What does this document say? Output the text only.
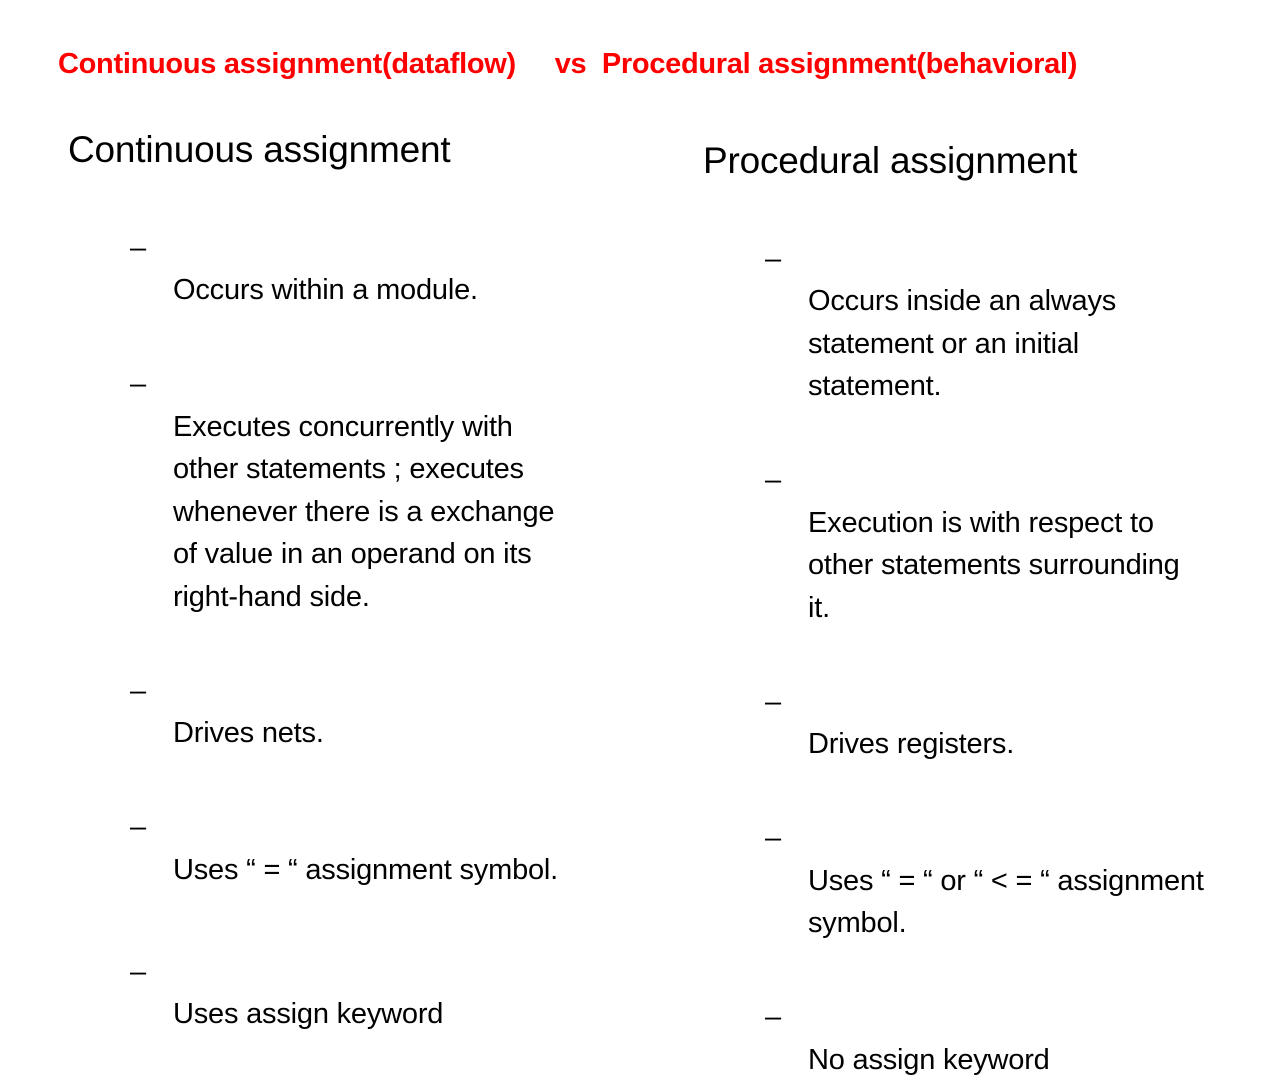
Continuous assignment(dataflow)     vs  Procedural assignment(behavioral)
Continuous assignment

–

Occurs within a module.

–

Executes concurrently with
other statements ; executes
whenever there is a exchange
of value in an operand on its
right-hand side.

–

Drives nets.

–

Uses “ = “ assignment symbol.

–

Uses assign keyword

Procedural assignment

–

Occurs inside an always
statement or an initial
statement.

–

Execution is with respect to
other statements surrounding
it.

–

Drives registers.

–

Uses “ = “ or “ < = “ assignment
symbol.

–

No assign keyword
